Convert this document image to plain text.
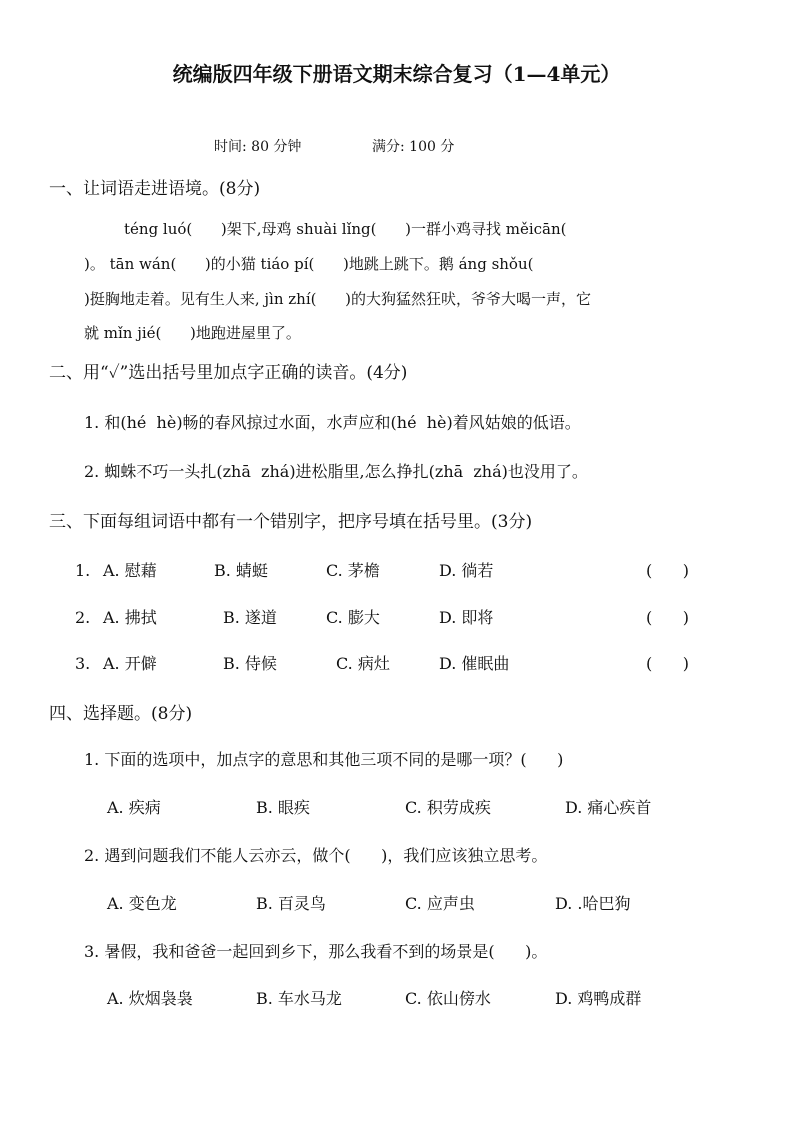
统编版四年级下册语文期末综合复习（1—4单元）
时间: 80 分钟	满分: 100 分
一、让词语走进语境。(8分)
téng luó(      )架下,母鸡 shuài lǐng(      )一群小鸡寻找 měicān(
)。 tān wán(      )的小猫 tiáo pí(      )地跳上跳下。鹅 áng shǒu(
)挺胸地走着。见有生人来, jìn zhí(      )的大狗猛然狂吠，爷爷大喝一声，它
就 mǐn jié(      )地跑进屋里了。
二、用“✓”选出括号里加点字正确的读音。(4分)
1. 和(hé  hè)畅的春风掠过水面，水声应和(hé  hè)着风姑娘的低语。
2. 蜘蛛不巧一头扎(zhā  zhá)进松脂里,怎么挣扎(zhā  zhá)也没用了。
三、下面每组词语中都有一个错别字，把序号填在括号里。(3分)
1. A. 慰藉	B. 蜻蜓	C. 茅檐	D. 徜若	(      )
2. A. 拂拭	B. 遂道	C. 膨大	D. 即将	(      )
3. A. 开僻	B. 侍候	C. 病灶	D. 催眠曲	(      )
四、选择题。(8分)
1. 下面的选项中，加点字的意思和其他三项不同的是哪一项？(      )
A. 疾病	B. 眼疾	C. 积劳成疾	D. 痛心疾首
2. 遇到问题我们不能人云亦云，做个(      )，我们应该独立思考。
A. 变色龙	B. 百灵鸟	C. 应声虫	D. .哈巴狗
3. 暑假，我和爸爸一起回到乡下，那么我看不到的场景是(      )。
A. 炊烟袅袅	B. 车水马龙	C. 依山傍水	D. 鸡鸭成群
